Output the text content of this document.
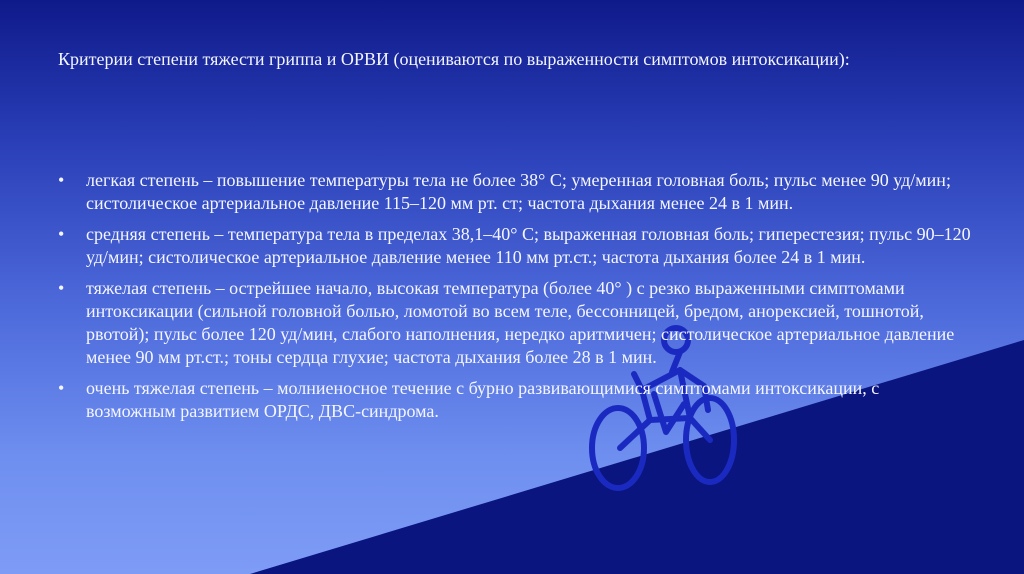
Критерии степени тяжести гриппа и ОРВИ (оцениваются по выраженности симптомов интоксикации):
• легкая степень – повышение температуры тела не более 38° С; умеренная головная боль; пульс менее 90 уд/мин; систолическое артериальное давление 115–120 мм рт. ст; частота дыхания менее 24 в 1 мин.
• средняя степень – температура тела в пределах 38,1–40° С; выраженная головная боль; гиперестезия; пульс 90–120 уд/мин; систолическое артериальное давление менее 110 мм рт.ст.; частота дыхания более 24 в 1 мин.
• тяжелая степень – острейшее начало, высокая температура (более 40° ) с резко выраженными симптомами интоксикации (сильной головной болью, ломотой во всем теле, бессонницей, бредом, анорексией, тошнотой, рвотой); пульс более 120 уд/мин, слабого наполнения, нередко аритмичен; систолическое артериальное давление менее 90 мм рт.ст.; тоны сердца глухие; частота дыхания более 28 в 1 мин.
• очень тяжелая степень – молниеносное течение с бурно развивающимися симптомами интоксикации, с возможным развитием ОРДС, ДВС-синдрома.
